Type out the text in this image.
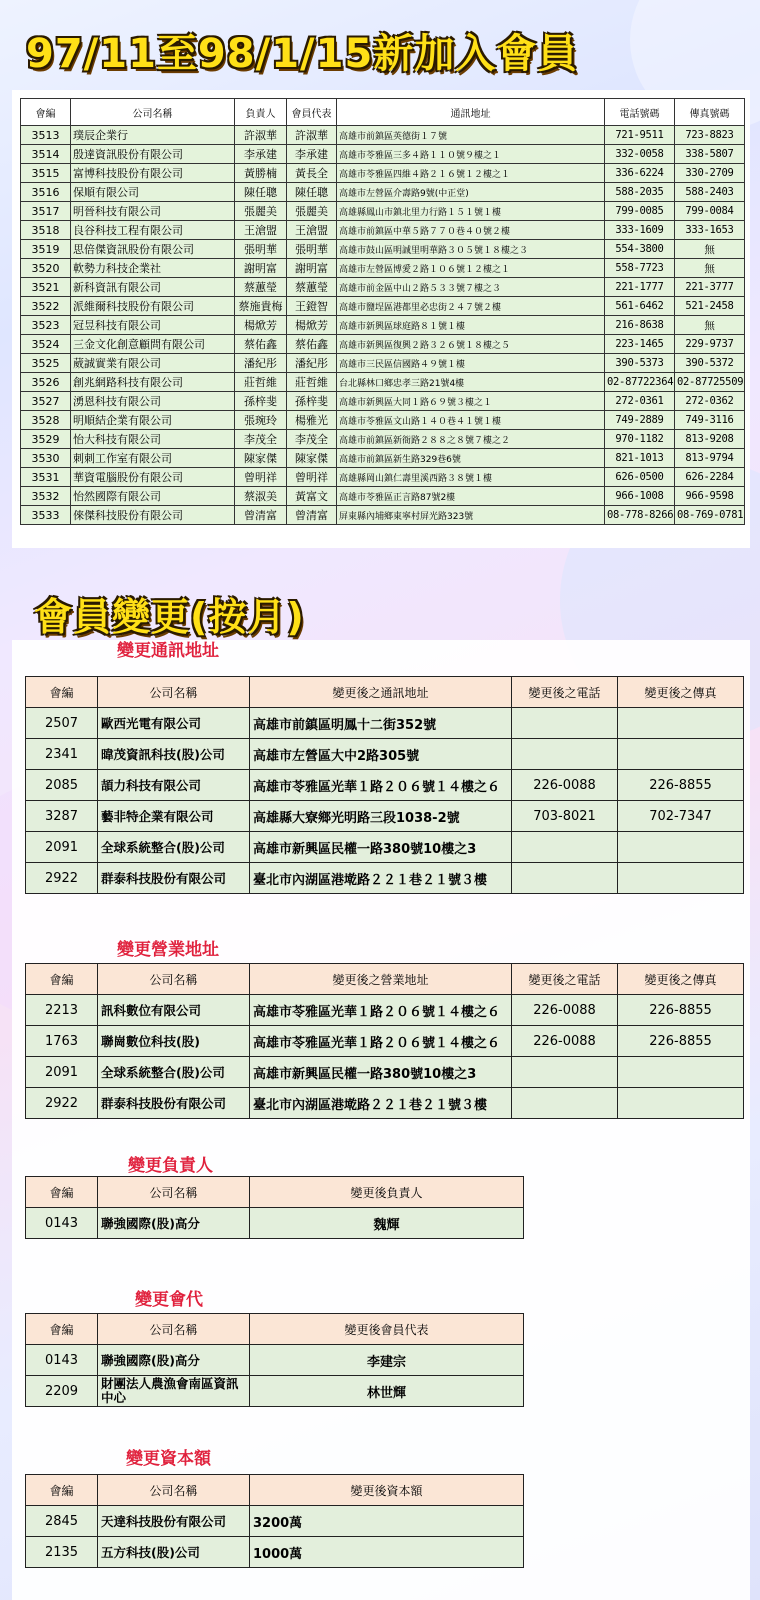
97/11至98/1/15新加入會員
會編	公司名稱	負責人	會員代表	通訊地址	電話號碼	傳真號碼
3513	璞辰企業行	許淑華	許淑華	高雄市前鎮區英德街１７號	721-9511	723-8823
3514	殷達資訊股份有限公司	李承建	李承建	高雄市苓雅區三多４路１１０號９樓之１	332-0058	338-5807
3515	富博科技股份有限公司	黃勝楠	黃長全	高雄市苓雅區四維４路２１６號１２樓之１	336-6224	330-2709
3516	保順有限公司	陳任聰	陳任聰	高雄市左營區介壽路9號(中正堂)	588-2035	588-2403
3517	明晉科技有限公司	張麗美	張麗美	高雄縣鳳山市鎮北里力行路１５１號１樓	799-0085	799-0084
3518	良谷科技工程有限公司	王滄盟	王滄盟	高雄市前鎮區中華５路７７０巷４０號２樓	333-1609	333-1653
3519	思倍傑資訊股份有限公司	張明華	張明華	高雄市鼓山區明誠里明華路３０５號１８樓之３	554-3800	無
3520	軟勢力科技企業社	謝明富	謝明富	高雄市左營區博愛２路１０６號１２樓之１	558-7723	無
3521	新科資訊有限公司	蔡蕙瑩	蔡蕙瑩	高雄市前金區中山２路５３３號７樓之３	221-1777	221-3777
3522	派維爾科技股份有限公司	蔡施貴梅	王鐙智	高雄市鹽埕區港都里必忠街２４７號２樓	561-6462	521-2458
3523	冠昱科技有限公司	楊焮芳	楊焮芳	高雄市新興區球庭路８１號１樓	216-8638	無
3524	三金文化創意顧問有限公司	蔡佑鑫	蔡佑鑫	高雄市新興區復興２路３２６號１８樓之５	223-1465	229-9737
3525	葳誠實業有限公司	潘紀彤	潘紀彤	高雄市三民區信國路４９號１樓	390-5373	390-5372
3526	創兆網路科技有限公司	莊哲維	莊哲維	台北縣林口鄉忠孝三路21號4樓	02-87722364	02-87725509
3527	湧恩科技有限公司	孫梓斐	孫梓斐	高雄市新興區大同１路６９號３樓之１	272-0361	272-0362
3528	明順結企業有限公司	張琬玲	楊雅光	高雄市苓雅區文山路１４０巷４１號１樓	749-2889	749-3116
3529	怡大科技有限公司	李茂全	李茂全	高雄市前鎮區新衙路２８８之８號７樓之２	970-1182	813-9208
3530	刺刺工作室有限公司	陳家傑	陳家傑	高雄市前鎮區新生路329巷6號	821-1013	813-9794
3531	華資電腦股份有限公司	曾明祥	曾明祥	高雄縣岡山鎮仁壽里溪西路３８號１樓	626-0500	626-2284
3532	怡然國際有限公司	蔡淑美	黃富文	高雄市苓雅區正言路87號2樓	966-1008	966-9598
3533	倈傑科技股份有限公司	曾清富	曾清富	屏東縣內埔鄉東寧村屏光路323號	08-778-8266	08-769-0781
會員變更(按月)
變更通訊地址
會編	公司名稱	變更後之通訊地址	變更後之電話	變更後之傳真
2507	歐西光電有限公司	高雄市前鎮區明鳳十二街352號		
2341	暐茂資訊科技(股)公司	高雄市左營區大中2路305號		
2085	頡力科技有限公司	高雄市苓雅區光華１路２０６號１４樓之６	226-0088	226-8855
3287	藝非特企業有限公司	高雄縣大寮鄉光明路三段1038-2號	703-8021	702-7347
2091	全球系統整合(股)公司	高雄市新興區民權一路380號10樓之3		
2922	群泰科技股份有限公司	臺北市內湖區港墘路２２１巷２１號３樓		
變更營業地址
會編	公司名稱	變更後之營業地址	變更後之電話	變更後之傳真
2213	訊科數位有限公司	高雄市苓雅區光華１路２０６號１４樓之６	226-0088	226-8855
1763	聯崗數位科技(股)	高雄市苓雅區光華１路２０６號１４樓之６	226-0088	226-8855
2091	全球系統整合(股)公司	高雄市新興區民權一路380號10樓之3		
2922	群泰科技股份有限公司	臺北市內湖區港墘路２２１巷２１號３樓		
變更負責人
會編	公司名稱	變更後負責人
0143	聯強國際(股)高分	魏輝
變更會代
會編	公司名稱	變更後會員代表
0143	聯強國際(股)高分	李建宗
2209	財團法人農漁會南區資訊中心	林世輝
變更資本額
會編	公司名稱	變更後資本額
2845	天達科技股份有限公司	3200萬
2135	五方科技(股)公司	1000萬
